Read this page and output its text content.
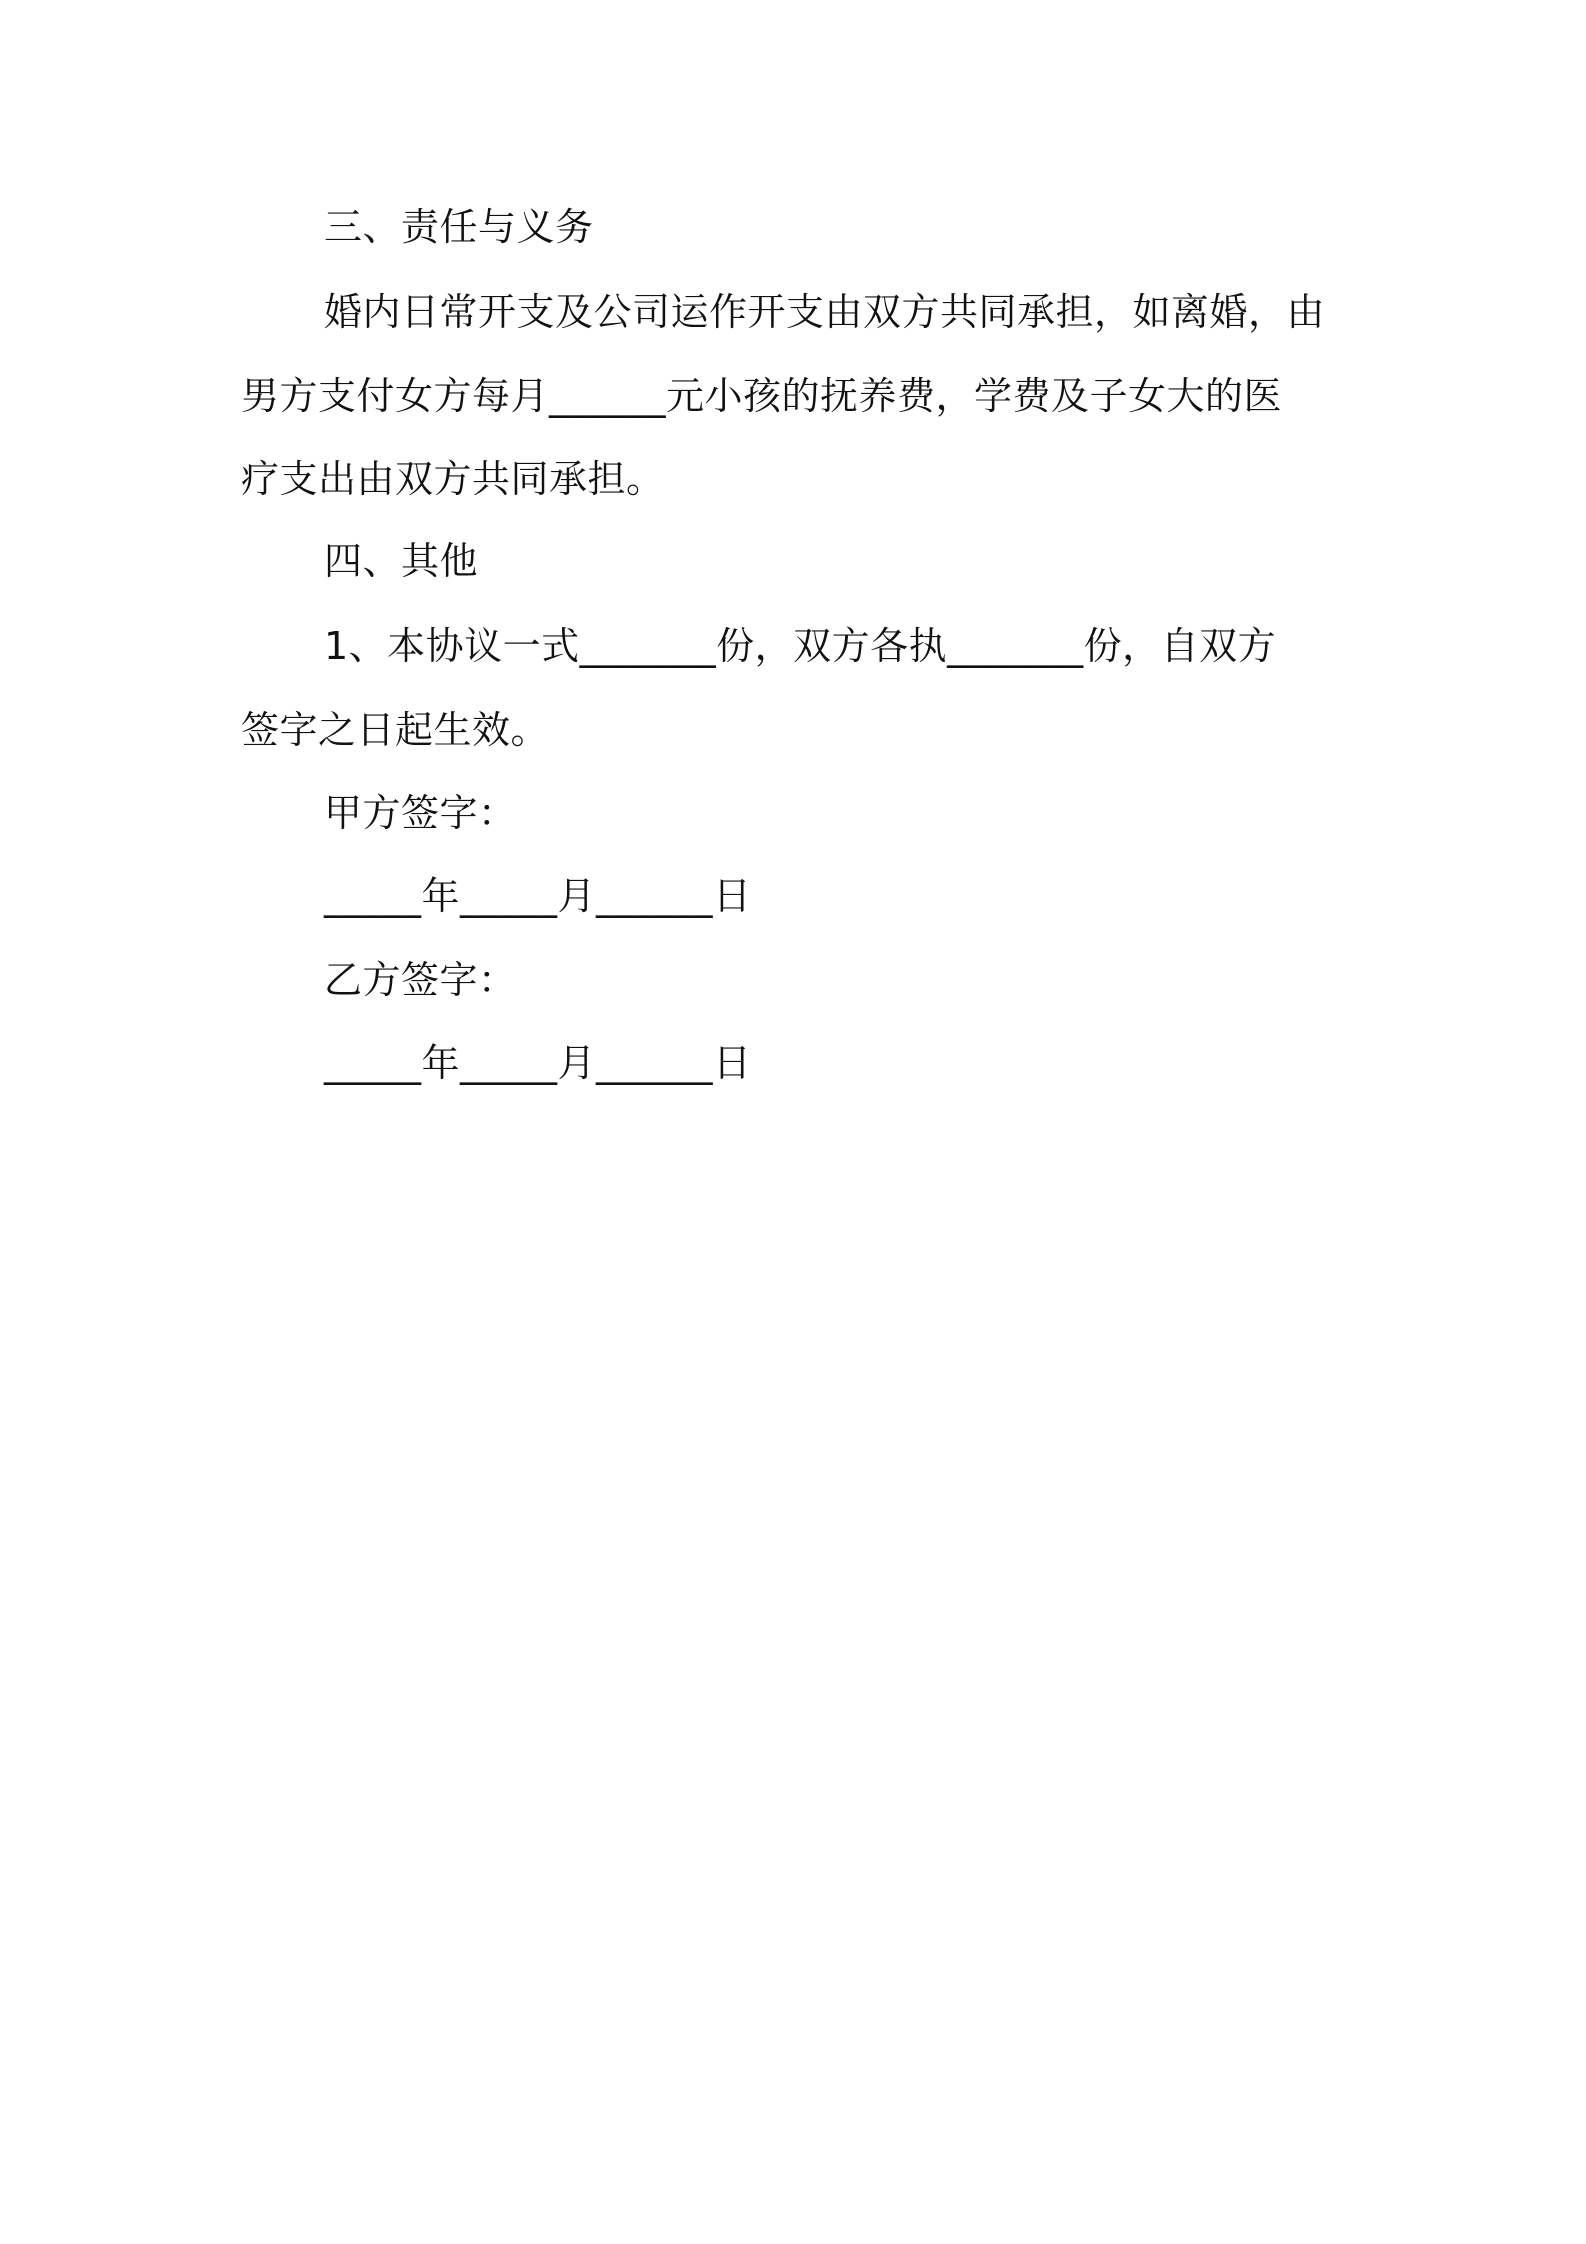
三、责任与义务
婚内日常开支及公司运作开支由双方共同承担，如离婚，由
男方支付女方每月______元小孩的抚养费，学费及子女大的医
疗支出由双方共同承担。
四、其他
1、本协议一式_______份，双方各执_______份，自双方
签字之日起生效。
甲方签字：
_____年_____月______日
乙方签字：
_____年_____月______日
